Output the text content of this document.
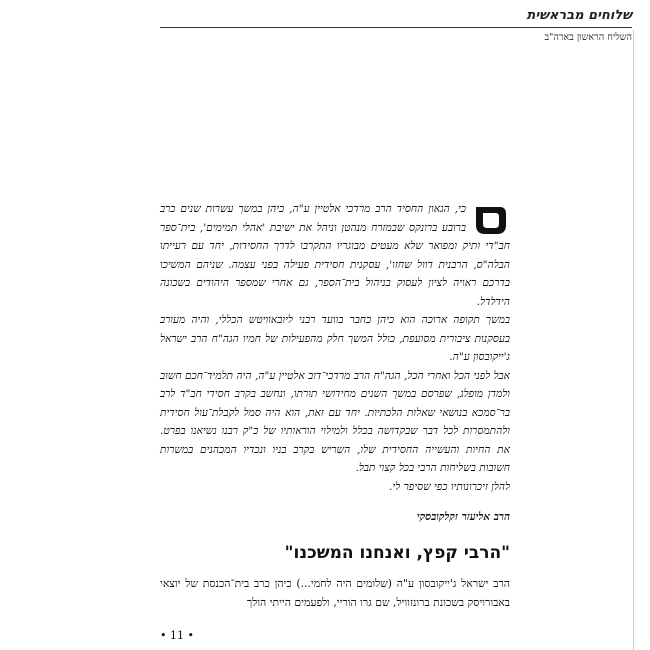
שלוחים מבראשית
השליח הראשון בארה"ב

כי, הגאון החסיד הרב מרדכי אלטיין ע"ה, כיהן במשך עשרות שנים כרב ברובע ברונקס שבמזרח מנהטן וניהל את ישיבת 'אהלי תמימים', בית־ספר חב"די ותיק ומפואר שלא מעטים מבוגריו התקרבו לדרך החסידות, יחד עם רעייתו הבלה"ס, הרבנית דוול שחזו', עסקנית חסידית פעילה בפני עצמה. שניהם המשיכו בדרכם ראויה לציון לעסוק בניהול בית־הספר, גם אחרי שמספר היהודים בשכונה הידלדל.

במשך תקופה ארוכה הוא כיהן כחבר בוועד רבני ליובאוויטש הכללי, והיה מעורב בעסקנות ציבורית מסועפת, כולל המשך חלק מהפעילות של חמיו הגה"ח הרב ישראל ג'ייקובסון ע"ה.

אבל לפני הכל ואחרי הכל, הגה"ח הרב מרדכי־דוב אלטיין ע"ה, היה תלמיד־חכם חשוב ולמדן מופלג, שפרסם במשך השנים מחידושי תורתו, ונחשב בקרב חסידי חב"ד לרב בר־סמכא בנושאי שאלות הלכתיות. יחד עם זאת, הוא היה סמל לקבלת־עול חסידית ולהתמסרות לכל דבר שבקדושה בכלל ולמילוי הוראותיו של כ"ק רבנו נשיאנו בפרט. את החיות והעשייה החסידית שלו, השריש בקרב בניו ונכדיו המכהנים במשרות חשובות בשליחות הרבי בכל קצוי תבל.

להלן זיכרונותיו כפי שסיפר לי.

הרב אליעזר זקלקובסקי
"הרבי קפץ, ואנחנו המשכנו"

הרב ישראל ג'ייקובסון ע"ה (שלומים היה לחמי...) כיהן כרב בית־הכנסת של יוצאי באבורויסק בשכונת ברונזוויל, שם גרו הוריי, ולפעמים הייתי הולך

• 11 •
